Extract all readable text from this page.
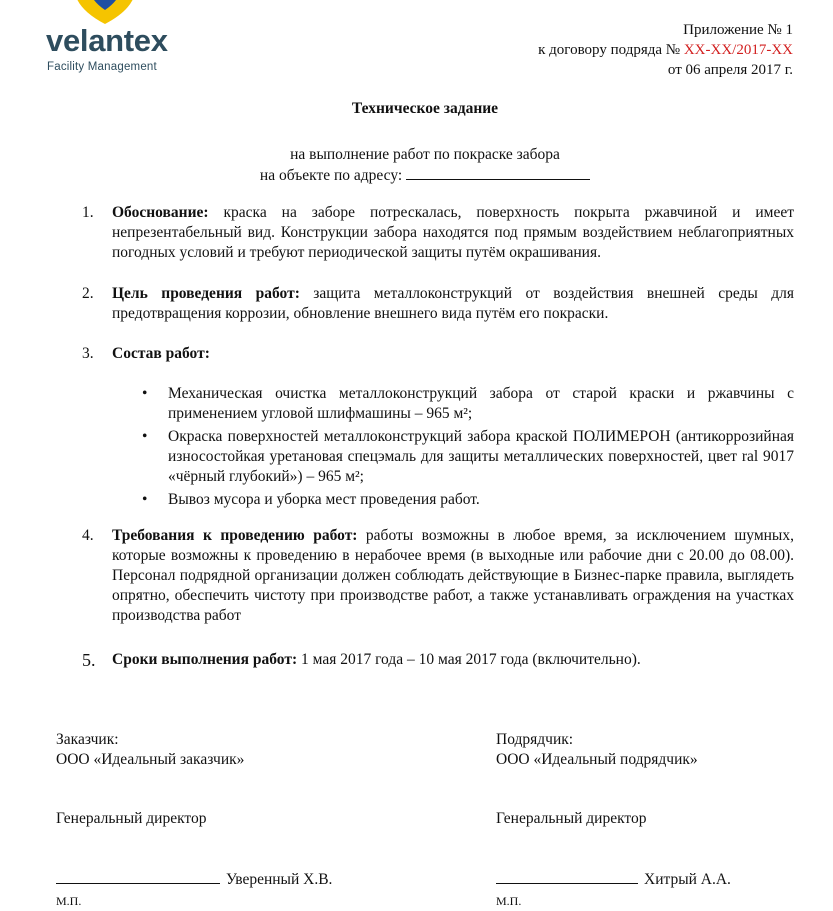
velantex
Facility Management
Приложение № 1
к договору подряда № XX-XX/2017-XX
от 06 апреля 2017 г.
Техническое задание
на выполнение работ по покраске забора
на объекте по адресу:
1. Обоснование: краска на заборе потрескалась, поверхность покрыта ржавчиной и имеет непрезентабельный вид. Конструкции забора находятся под прямым воздействием неблагоприятных погодных условий и требуют периодической защиты путём окрашивания.
2. Цель проведения работ: защита металлоконструкций от воздействия внешней среды для предотвращения коррозии, обновление внешнего вида путём его покраски.
3. Состав работ:
• Механическая очистка металлоконструкций забора от старой краски и ржавчины с применением угловой шлифмашины – 965 м²;
• Окраска поверхностей металлоконструкций забора краской ПОЛИМЕРОН (антикоррозийная износостойкая уретановая спецэмаль для защиты металлических поверхностей, цвет ral 9017 «чёрный глубокий») – 965 м²;
• Вывоз мусора и уборка мест проведения работ.
4. Требования к проведению работ: работы возможны в любое время, за исключением шумных, которые возможны к проведению в нерабочее время (в выходные или рабочие дни с 20.00 до 08.00). Персонал подрядной организации должен соблюдать действующие в Бизнес-парке правила, выглядеть опрятно, обеспечить чистоту при производстве работ, а также устанавливать ограждения на участках производства работ
5. Сроки выполнения работ: 1 мая 2017 года – 10 мая 2017 года (включительно).
Заказчик:
ООО «Идеальный заказчик»
Генеральный директор
Уверенный Х.В.
М.П.
Подрядчик:
ООО «Идеальный подрядчик»
Генеральный директор
Хитрый А.А.
М.П.
